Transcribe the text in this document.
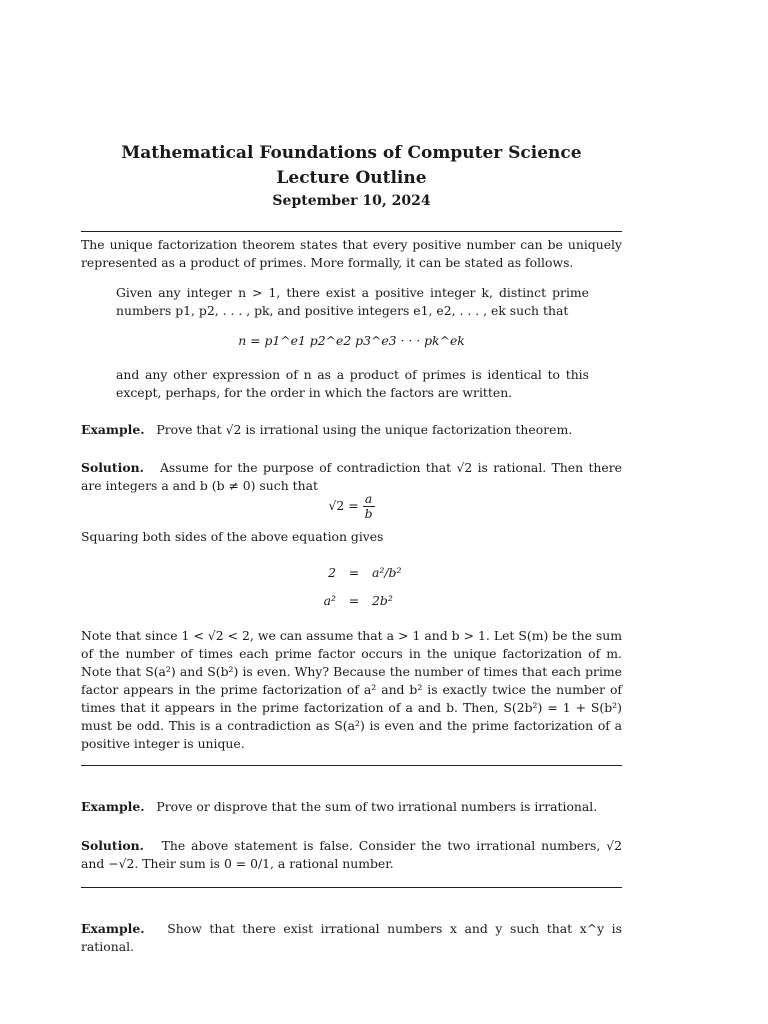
Mathematical Foundations of Computer Science
Lecture Outline
September 10, 2024
The unique factorization theorem states that every positive number can be uniquely represented as a product of primes. More formally, it can be stated as follows.
Given any integer n > 1, there exist a positive integer k, distinct prime numbers p1, p2, . . . , pk, and positive integers e1, e2, . . . , ek such that
n = p1^e1 p2^e2 p3^e3 · · · pk^ek
and any other expression of n as a product of primes is identical to this except, perhaps, for the order in which the factors are written.
Example. Prove that √2 is irrational using the unique factorization theorem.
Solution. Assume for the purpose of contradiction that √2 is rational. Then there are integers a and b (b ≠ 0) such that
$√2 = \frac{a}{b}$
Squaring both sides of the above equation gives
2	=	a²/b²
a²	=	2b²
Note that since 1 < √2 < 2, we can assume that a > 1 and b > 1. Let S(m) be the sum of the number of times each prime factor occurs in the unique factorization of m. Note that S(a²) and S(b²) is even. Why? Because the number of times that each prime factor appears in the prime factorization of a² and b² is exactly twice the number of times that it appears in the prime factorization of a and b. Then, S(2b²) = 1 + S(b²) must be odd. This is a contradiction as S(a²) is even and the prime factorization of a positive integer is unique.
Example. Prove or disprove that the sum of two irrational numbers is irrational.
Solution. The above statement is false. Consider the two irrational numbers, √2 and −√2. Their sum is 0 = 0/1, a rational number.
Example. Show that there exist irrational numbers x and y such that x^y is rational.
